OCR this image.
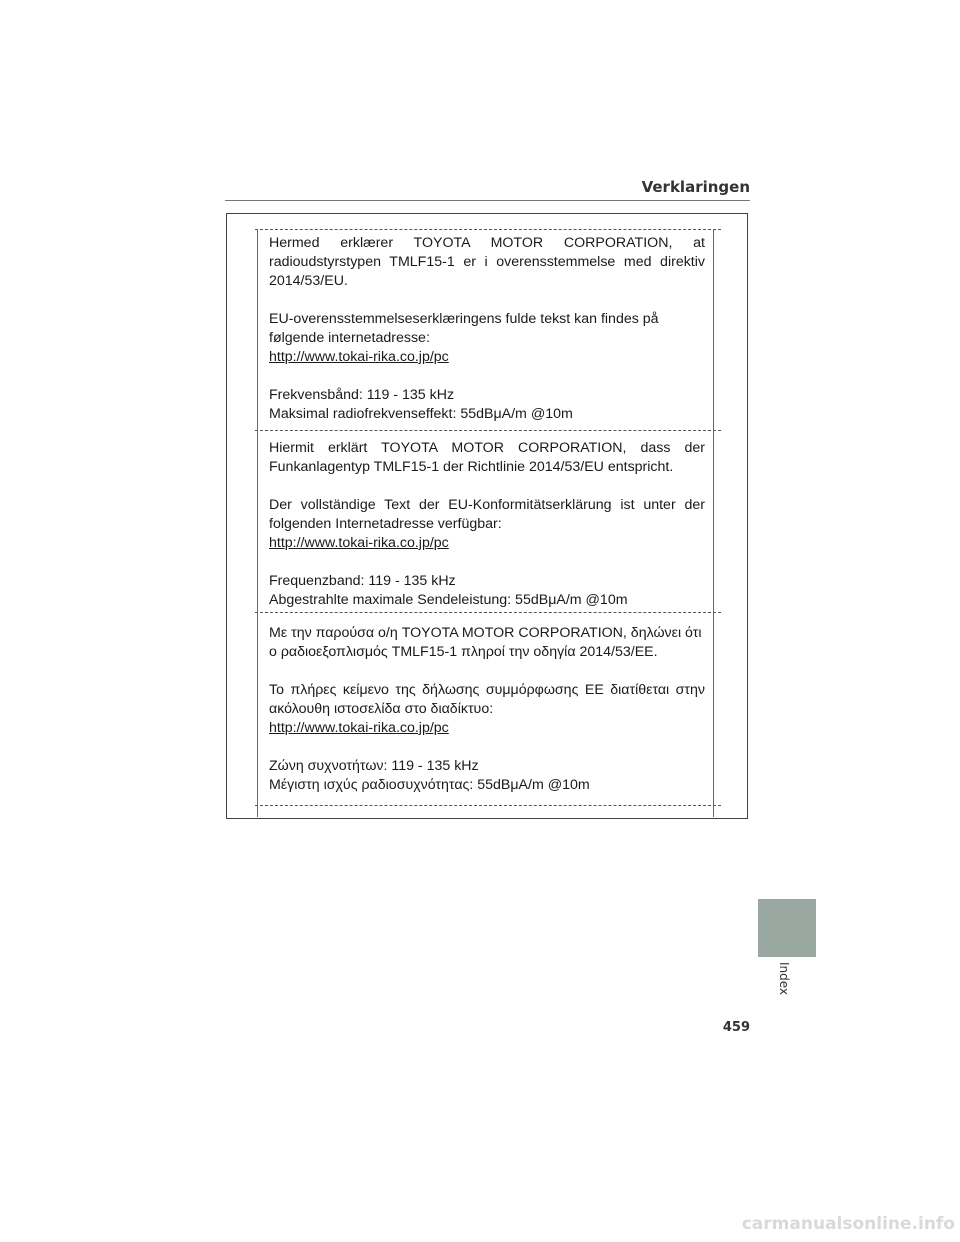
Verklaringen

Hermed erklærer TOYOTA MOTOR CORPORATION, at

radioudstyrstypen TMLF15-1 er i overensstemmelse med direktiv

2014/53/EU.

EU-overensstemmelseserklæringens fulde tekst kan findes på

følgende internetadresse:

http://www.tokai-rika.co.jp/pc

Frekvensbånd: 119 - 135 kHz

Maksimal radiofrekvenseffekt: 55dBμA/m @10m

Hiermit erklärt TOYOTA MOTOR CORPORATION, dass der

Funkanlagentyp TMLF15-1 der Richtlinie 2014/53/EU entspricht.

Der vollständige Text der EU-Konformitätserklärung ist unter der

folgenden Internetadresse verfügbar:

http://www.tokai-rika.co.jp/pc

Frequenzband: 119 - 135 kHz

Abgestrahlte maximale Sendeleistung: 55dBμA/m @10m

Με την παρούσα ο/η TOYOTA MOTOR CORPORATION, δηλώνει ότι

ο ραδιοεξοπλισμός TMLF15-1 πληροί την οδηγία 2014/53/ΕΕ.

Το πλήρες κείμενο της δήλωσης συμμόρφωσης ΕΕ διατίθεται στην

ακόλουθη ιστοσελίδα στο διαδίκτυο:

http://www.tokai-rika.co.jp/pc

Ζώνη συχνοτήτων: 119 - 135 kHz

Μέγιστη ισχύς ραδιοσυχνότητας: 55dBμA/m @10m

Index
459
carmanualsonline.info
